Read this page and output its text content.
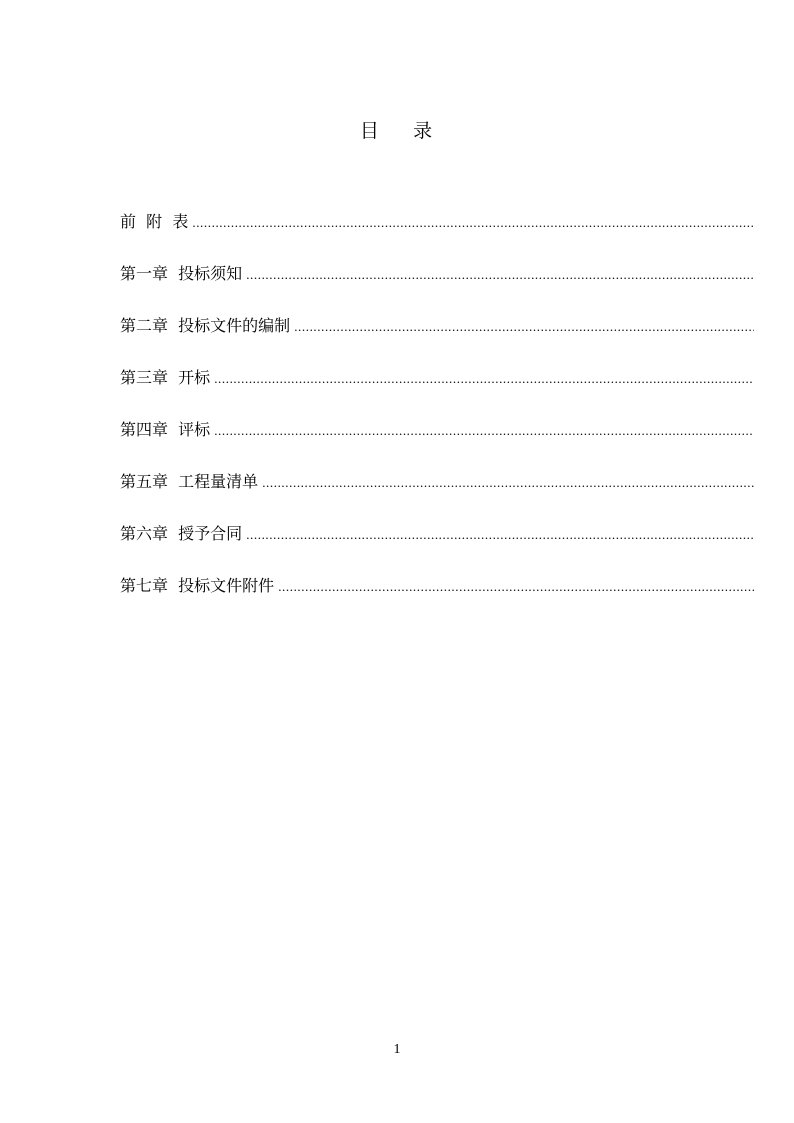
目    录
前  附  表
.....
第一章  投标须知
.....
第二章  投标文件的编制
.....
第三章  开标
.....
第四章  评标
.....
第五章  工程量清单
.....
第六章  授予合同
.....
第七章  投标文件附件
.....
1
